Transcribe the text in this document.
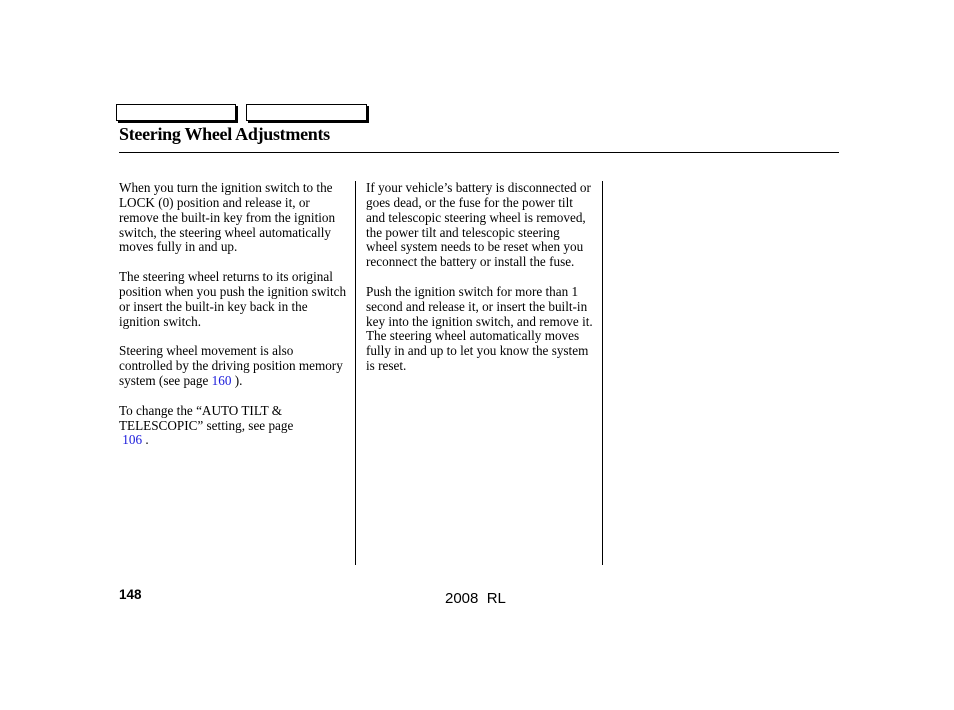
Steering Wheel Adjustments

When you turn the ignition switch to the LOCK (0) position and release it, or remove the built-in key from the ignition switch, the steering wheel automatically moves fully in and up.

The steering wheel returns to its original position when you push the ignition switch or insert the built-in key back in the ignition switch.

Steering wheel movement is also controlled by the driving position memory system (see page 160 ).

To change the “AUTO TILT & TELESCOPIC” setting, see page
106 .

If your vehicle’s battery is disconnected or goes dead, or the fuse for the power tilt and telescopic steering wheel is removed, the power tilt and telescopic steering wheel system needs to be reset when you reconnect the battery or install the fuse.

Push the ignition switch for more than 1 second and release it, or insert the built-in key into the ignition switch, and remove it. The steering wheel automatically moves fully in and up to let you know the system is reset.

148	2008  RL
